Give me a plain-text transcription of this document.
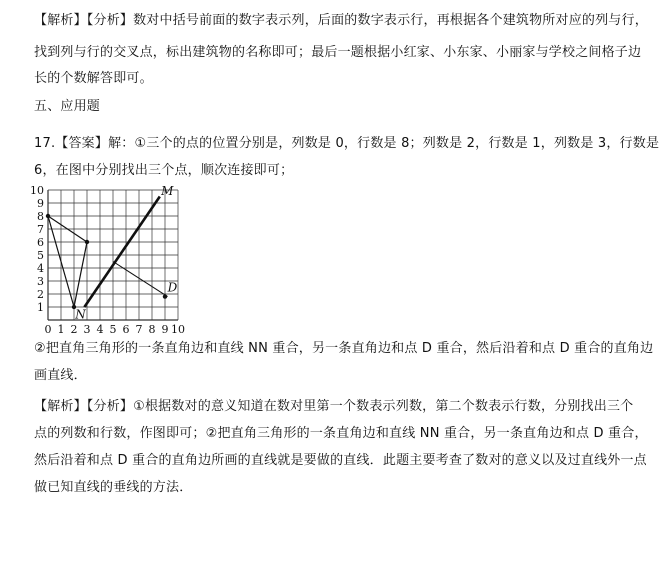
【解析】【分析】数对中括号前面的数字表示列，后面的数字表示行，再根据各个建筑物所对应的列与行，
找到列与行的交叉点，标出建筑物的名称即可；最后一题根据小红家、小东家、小丽家与学校之间格子边
长的个数解答即可。
五、应用题
17.【答案】解：①三个的点的位置分别是，列数是 0，行数是 8；列数是 2，行数是 1，列数是 3，行数是
6，在图中分别找出三个点，顺次连接即可；
0 1 2 3 4 5 6 7 8 9 10
1
2
3
4
5
6
7
8
9
10	M
N
D
②把直角三角形的一条直角边和直线 NN 重合，另一条直角边和点 D 重合，然后沿着和点 D 重合的直角边
画直线．
【解析】【分析】①根据数对的意义知道在数对里第一个数表示列数，第二个数表示行数，分别找出三个
点的列数和行数，作图即可；②把直角三角形的一条直角边和直线 NN 重合，另一条直角边和点 D 重合，
然后沿着和点 D 重合的直角边所画的直线就是要做的直线．此题主要考查了数对的意义以及过直线外一点
做已知直线的垂线的方法．
